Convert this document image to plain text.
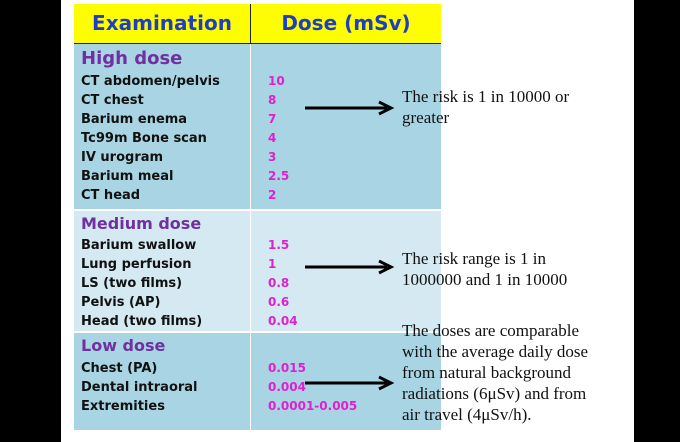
Examination	Dose (mSv)
High dose
CT abdomen/pelvis	10
CT chest	8
Barium enema	7
Tc99m Bone scan	4
IV urogram	3
Barium meal	2.5
CT head	2
Medium dose
Barium swallow	1.5
Lung perfusion	1
LS (two films)	0.8
Pelvis (AP)	0.6
Head (two films)	0.04
Low dose
Chest (PA)	0.015
Dental intraoral	0.004
Extremities	0.0001-0.005
The risk is 1 in 10000 or
greater
The risk range is 1 in
1000000 and 1 in 10000
The doses are comparable
with the average daily dose
from natural background
radiations (6μSv) and from
air travel (4μSv/h).
